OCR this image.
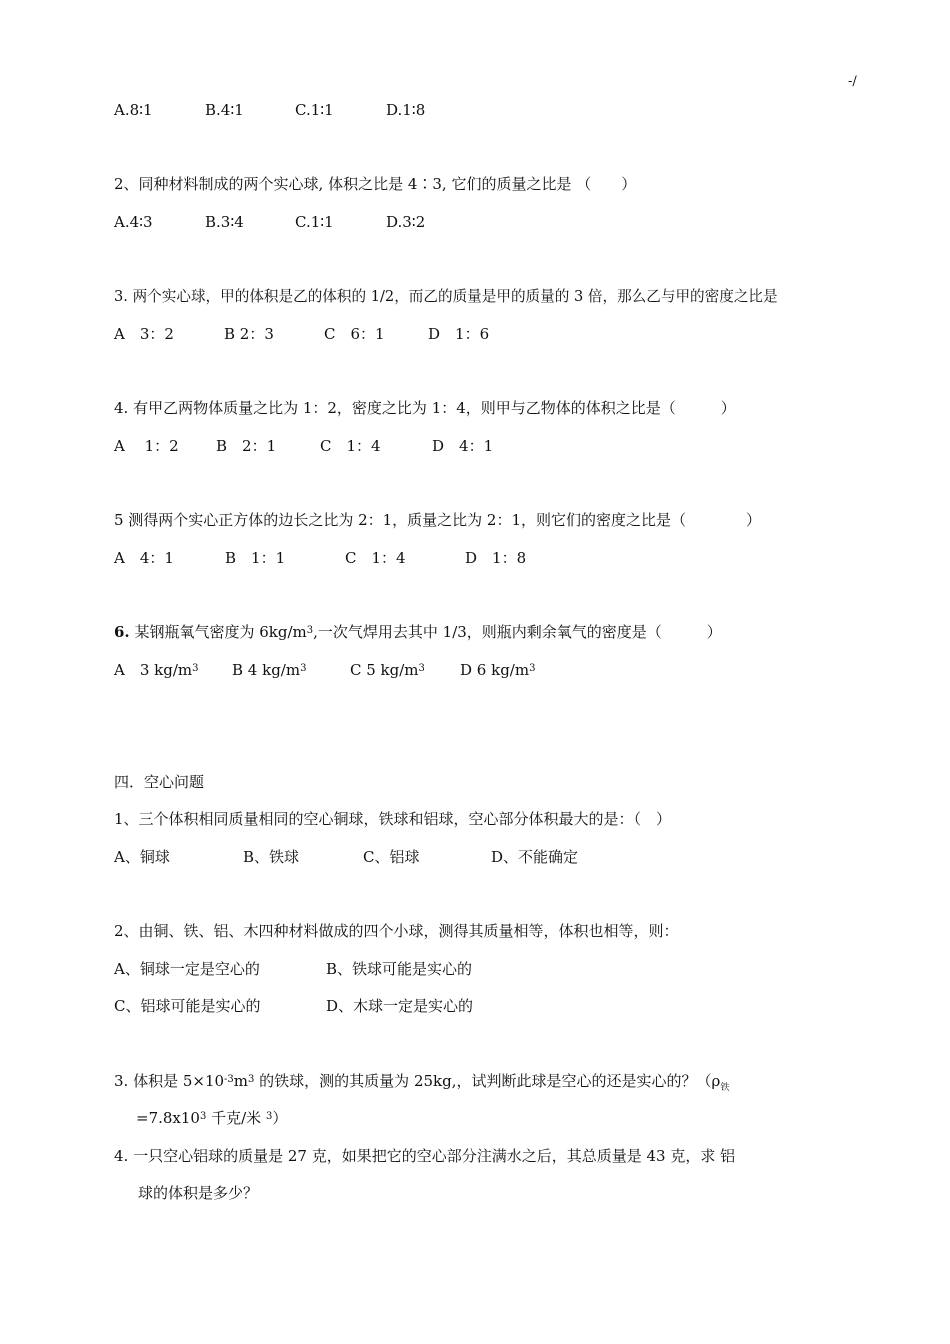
-/
A.8∶1	B.4∶1	C.1∶1	D.1∶8
2、同种材料制成的两个实心球, 体积之比是 4∶3, 它们的质量之比是 （　　）
A.4∶3	B.3∶4	C.1∶1	D.3∶2
3. 两个实心球，甲的体积是乙的体积的 1/2，而乙的质量是甲的质量的 3 倍，那么乙与甲的密度之比是
A　3：2	B 2：3	C　6：1	D　1：6
4. 有甲乙两物体质量之比为 1：2，密度之比为 1：4，则甲与乙物体的体积之比是（　　　）
A　 1：2 B　2：1	C　1：4	D　4：1
5 测得两个实心正方体的边长之比为 2：1，质量之比为 2：1，则它们的密度之比是（　　　　）
A　4：1	B　1：1	C　1：4	D　1：8
6. 某钢瓶氧气密度为 $6kg/m^3$,一次气焊用去其中 1/3，则瓶内剩余氧气的密度是（　　　）
A　3 $kg/m^3$ B 4 $kg/m^3$	C 5 $kg/m^3$ D 6 $kg/m^3$
四．空心问题
1、三个体积相同质量相同的空心铜球，铁球和铝球，空心部分体积最大的是：（　）
A、铜球	B、铁球	C、铝球	D、不能确定
2、由铜、铁、铝、木四种材料做成的四个小球，测得其质量相等，体积也相等，则：
A、铜球一定是空心的	B、铁球可能是实心的
C、铝球可能是实心的	D、木球一定是实心的
3. 体积是 $5\times 10^{-3}m^3$ 的铁球，测的其质量为 25kg,，试判断此球是空心的还是实心的？（$\rho_铁$
$=7.8x10^3$ 千克/米 $^3$）
4. 一只空心铝球的质量是 27 克，如果把它的空心部分注满水之后，其总质量是 43 克，求 铝
球的体积是多少？
